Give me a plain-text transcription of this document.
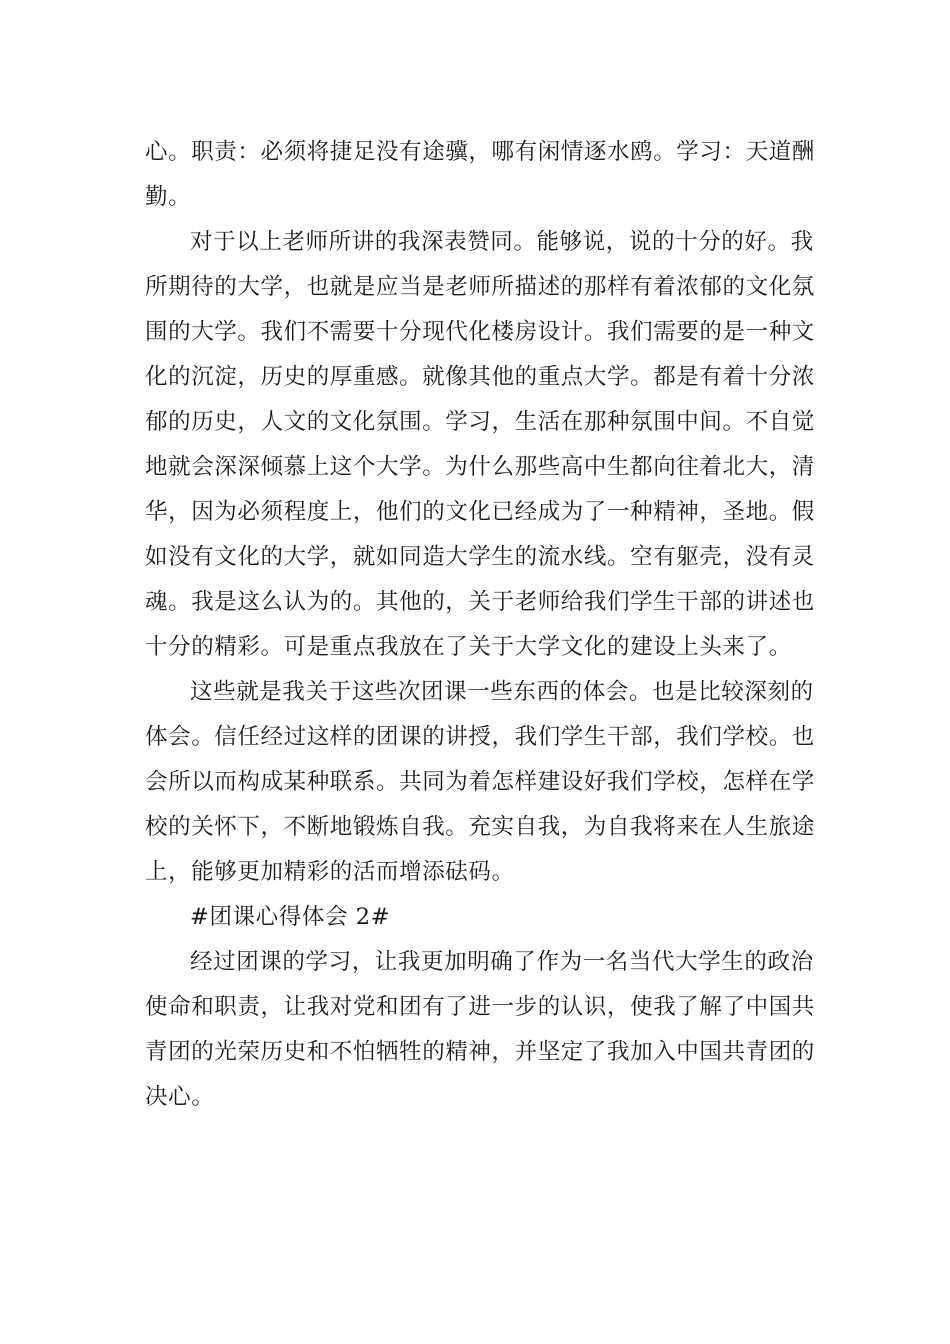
心。职责：必须将捷足没有途骥，哪有闲情逐水鸥。学习：天道酬
勤。
对于以上老师所讲的我深表赞同。能够说，说的十分的好。我
所期待的大学，也就是应当是老师所描述的那样有着浓郁的文化氛
围的大学。我们不需要十分现代化楼房设计。我们需要的是一种文
化的沉淀，历史的厚重感。就像其他的重点大学。都是有着十分浓
郁的历史，人文的文化氛围。学习，生活在那种氛围中间。不自觉
地就会深深倾慕上这个大学。为什么那些高中生都向往着北大，清
华，因为必须程度上，他们的文化已经成为了一种精神，圣地。假
如没有文化的大学，就如同造大学生的流水线。空有躯壳，没有灵
魂。我是这么认为的。其他的，关于老师给我们学生干部的讲述也
十分的精彩。可是重点我放在了关于大学文化的建设上头来了。
这些就是我关于这些次团课一些东西的体会。也是比较深刻的
体会。信任经过这样的团课的讲授，我们学生干部，我们学校。也
会所以而构成某种联系。共同为着怎样建设好我们学校，怎样在学
校的关怀下，不断地锻炼自我。充实自我，为自我将来在人生旅途
上，能够更加精彩的活而增添砝码。
#团课心得体会 2#
经过团课的学习，让我更加明确了作为一名当代大学生的政治
使命和职责，让我对党和团有了进一步的认识，使我了解了中国共
青团的光荣历史和不怕牺牲的精神，并坚定了我加入中国共青团的
决心。
